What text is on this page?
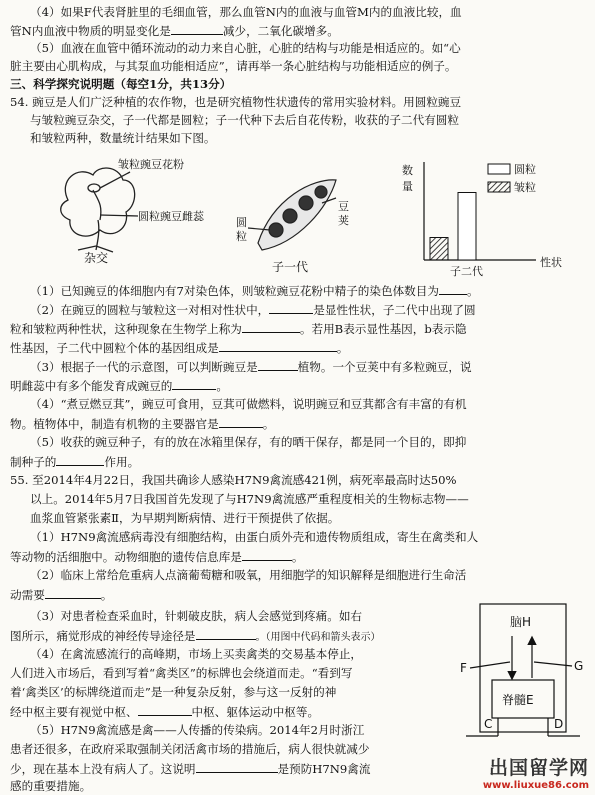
（4）如果F代表肾脏里的毛细血管，那么血管N内的血液与血管M内的血液比较，血
管N内血液中物质的明显变化是	减少，二氧化碳增多。
（5）血液在血管中循环流动的动力来自心脏，心脏的结构与功能是相适应的。如“心
脏主要由心肌构成，与其泵血功能相适应”，请再举一条心脏结构与功能相适应的例子。
三、科学探究说明题（每空1分，共13分）
54. 豌豆是人们广泛种植的农作物，也是研究植物性状遗传的常用实验材料。用圆粒豌豆
与皱粒豌豆杂交，子一代都是圆粒；子一代种下去后自花传粉，收获的子二代有圆粒
和皱粒两种，数量统计结果如下图。
皱粒豌豆花粉
圆粒豌豆雌蕊
杂交
圆
粒
豆
荚
子一代
数
量
圆粒
皱粒
子二代
性状
（1）已知豌豆的体细胞内有7对染色体，则皱粒豌豆花粉中精子的染色体数目为 。
（2）在豌豆的圆粒与皱粒这一对相对性状中，	是显性性状，子二代中出现了圆
粒和皱粒两种性状，这种现象在生物学上称为	。若用B表示显性基因，b表示隐
性基因，子二代中圆粒个体的基因组成是	。
（3）根据子一代的示意图，可以判断豌豆是	植物。一个豆荚中有多粒豌豆，说
明雌蕊中有多个能发育成豌豆的	。
（4）“煮豆燃豆萁”，豌豆可食用，豆萁可做燃料，说明豌豆和豆萁都含有丰富的有机
物。植物体中，制造有机物的主要器官是	。
（5）收获的豌豆种子，有的放在冰箱里保存，有的晒干保存，都是同一个目的，即抑
制种子的	作用。
55. 至2014年4月22日，我国共确诊人感染H7N9禽流感421例，病死率最高时达50%
以上。2014年5月7日我国首先发现了与H7N9禽流感严重程度相关的生物标志物——
血浆血管紧张素Ⅱ，为早期判断病情、进行干预提供了依据。
（1）H7N9禽流感病毒没有细胞结构，由蛋白质外壳和遗传物质组成，寄生在禽类和人
等动物的活细胞中。动物细胞的遗传信息库是	。
（2）临床上常给危重病人点滴葡萄糖和吸氧，用细胞学的知识解释是细胞进行生命活
动需要	。
（3）对患者检查采血时，针刺破皮肤，病人会感觉到疼痛。如右
图所示，痛觉形成的神经传导途径是	。（用图中代码和箭头表示）
（4）在禽流感流行的高峰期，市场上买卖禽类的交易基本停止，
人们进入市场后，看到写着“禽类区”的标牌也会绕道而走。“看到写
着‘禽类区’的标牌绕道而走”是一种复杂反射，参与这一反射的神
经中枢主要有视觉中枢、	中枢、躯体运动中枢等。
（5）H7N9禽流感是禽——人传播的传染病。2014年2月时浙江
患者还很多，在政府采取强制关闭活禽市场的措施后，病人很快就减少
少，现在基本上没有病人了。这说明	是预防H7N9禽流
感的重要措施。
脑H
脊髓E
F	G
C	D
出国留学网
www.liuxue86.com
